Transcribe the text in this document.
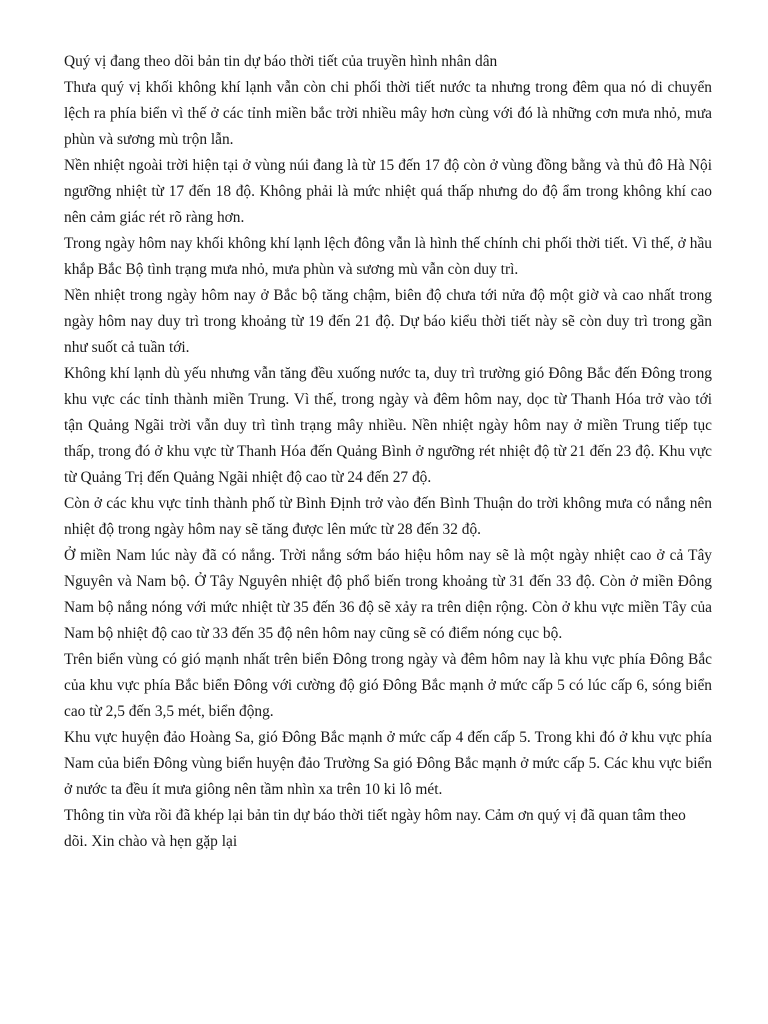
Quý vị đang theo dõi bản tin dự báo thời tiết của truyền hình nhân dân

Thưa quý vị khối không khí lạnh vẫn còn chi phối thời tiết nước ta nhưng trong đêm qua nó di chuyển lệch ra phía biển vì thế ở các tỉnh miền bắc trời nhiều mây hơn cùng với đó là những cơn mưa nhỏ, mưa phùn và sương mù trộn lẫn.

Nền nhiệt ngoài trời hiện tại ở vùng núi đang là từ 15 đến 17 độ còn ở vùng đồng bằng và thủ đô Hà Nội ngưỡng nhiệt từ 17 đến 18 độ. Không phải là mức nhiệt quá thấp nhưng do độ ẩm trong không khí cao nên cảm giác rét rõ ràng hơn.

Trong ngày hôm nay khối không khí lạnh lệch đông vẫn là hình thế chính chi phối thời tiết. Vì thế, ở hầu khắp Bắc Bộ tình trạng mưa nhỏ, mưa phùn và sương mù vẫn còn duy trì.

Nền nhiệt trong ngày hôm nay ở Bắc bộ tăng chậm, biên độ chưa tới nửa độ một giờ và cao nhất trong ngày hôm nay duy trì trong khoảng từ 19 đến 21 độ. Dự báo kiểu thời tiết này sẽ còn duy trì trong gần như suốt cả tuần tới.

Không khí lạnh dù yếu nhưng vẫn tăng đều xuống nước ta, duy trì trường gió Đông Bắc đến Đông trong khu vực các tỉnh thành miền Trung. Vì thế, trong ngày và đêm hôm nay, dọc từ Thanh Hóa trở vào tới tận Quảng Ngãi trời vẫn duy trì tình trạng mây nhiều. Nền nhiệt ngày hôm nay ở miền Trung tiếp tục thấp, trong đó ở khu vực từ Thanh Hóa đến Quảng Bình ở ngưỡng rét nhiệt độ từ 21 đến 23 độ. Khu vực từ Quảng Trị đến Quảng Ngãi nhiệt độ cao từ 24 đến 27 độ.

Còn ở các khu vực tỉnh thành phố từ Bình Định trở vào đến Bình Thuận do trời không mưa có nắng nên nhiệt độ trong ngày hôm nay sẽ tăng được lên mức từ 28 đến 32 độ.

Ở miền Nam lúc này đã có nắng. Trời nắng sớm báo hiệu hôm nay sẽ là một ngày nhiệt cao ở cả Tây Nguyên và Nam bộ. Ở Tây Nguyên nhiệt độ phổ biến trong khoảng từ 31 đến 33 độ. Còn ở miền Đông Nam bộ nắng nóng với mức nhiệt từ 35 đến 36 độ sẽ xảy ra trên diện rộng. Còn ở khu vực miền Tây của Nam bộ nhiệt độ cao từ 33 đến 35 độ nên hôm nay cũng sẽ có điểm nóng cục bộ.

Trên biển vùng có gió mạnh nhất trên biển Đông trong ngày và đêm hôm nay là khu vực phía Đông Bắc của khu vực phía Bắc biển Đông với cường độ gió Đông Bắc mạnh ở mức cấp 5 có lúc cấp 6, sóng biển cao từ 2,5 đến 3,5 mét, biển động.

Khu vực huyện đảo Hoàng Sa, gió Đông Bắc mạnh ở mức cấp 4 đến cấp 5. Trong khi đó ở khu vực phía Nam của biển Đông vùng biển huyện đảo Trường Sa gió Đông Bắc mạnh ở mức cấp 5. Các khu vực biển ở nước ta đều ít mưa giông nên tầm nhìn xa trên 10 ki lô mét.

Thông tin vừa rồi đã khép lại bản tin dự báo thời tiết ngày hôm nay. Cảm ơn quý vị đã quan tâm theo dõi. Xin chào và hẹn gặp lại
